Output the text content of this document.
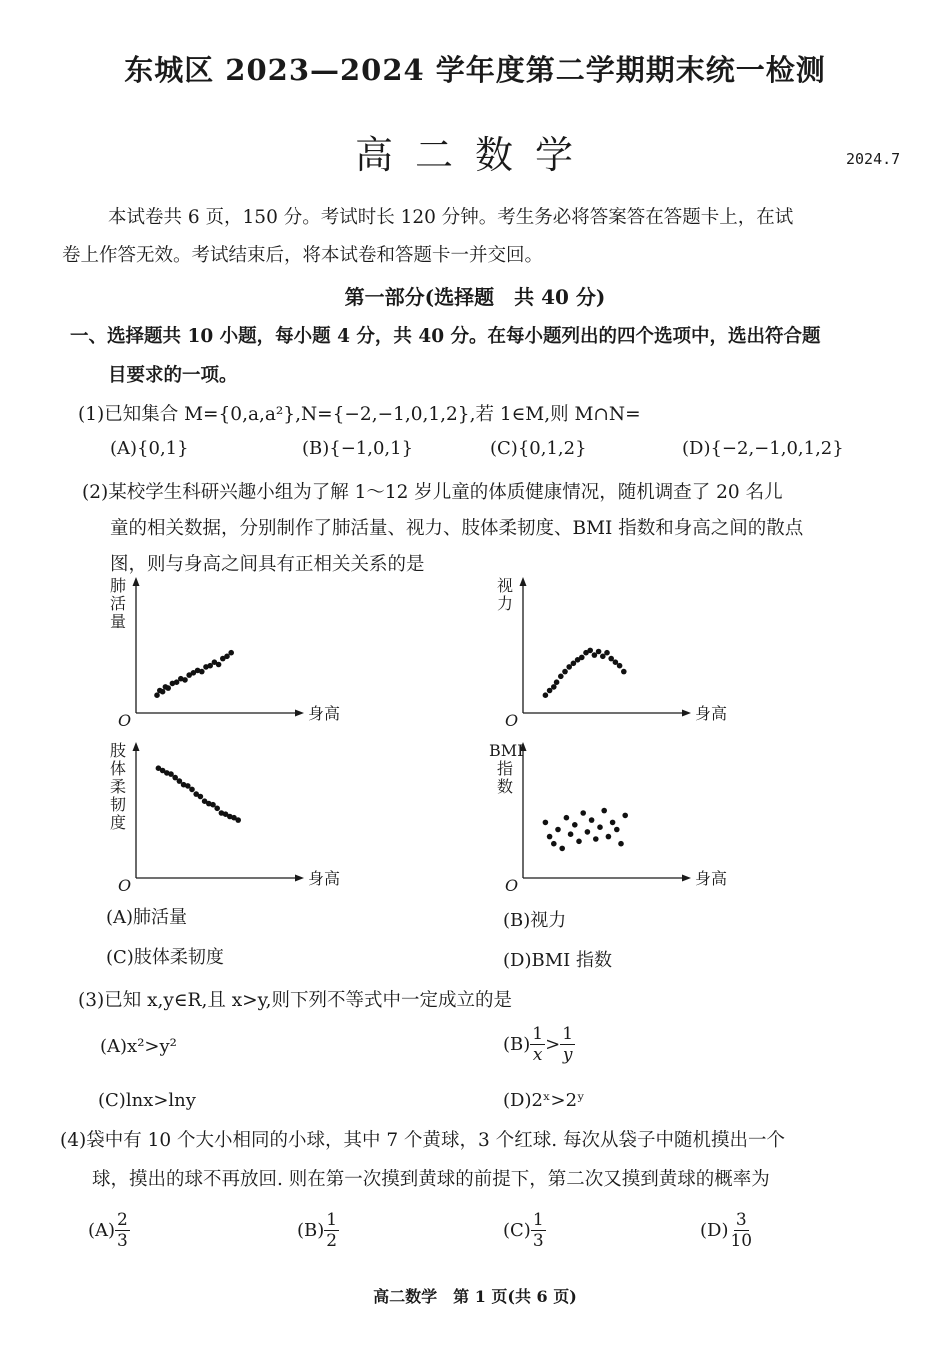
东城区 2023—2024 学年度第二学期期末统一检测
高二数学	2024.7
本试卷共 6 页，150 分。考试时长 120 分钟。考生务必将答案答在答题卡上，在试
卷上作答无效。考试结束后，将本试卷和答题卡一并交回。
第一部分(选择题　共 40 分)
一、选择题共 10 小题，每小题 4 分，共 40 分。在每小题列出的四个选项中，选出符合题
目要求的一项。
(1)已知集合 M={0,a,a²},N={−2,−1,0,1,2},若 1∈M,则 M∩N=
(A){0,1}	(B){−1,0,1}	(C){0,1,2}	(D){−2,−1,0,1,2}
(2)某校学生科研兴趣小组为了解 1～12 岁儿童的体质健康情况，随机调查了 20 名儿
童的相关数据，分别制作了肺活量、视力、肢体柔韧度、BMI 指数和身高之间的散点
图，则与身高之间具有正相关关系的是
O	身高
肺活量
O	身高
视力
O	身高
肢体柔韧度
O	身高
BMI 指数
(A)肺活量	(B)视力
(C)肢体柔韧度	(D)BMI 指数
(3)已知 x,y∈R,且 x>y,则下列不等式中一定成立的是
(A)x²>y²	$(B) \frac{1}{x} > \frac{1}{y}$
(C)lnx>lny	(D)2ˣ>2ʸ
(4)袋中有 10 个大小相同的小球，其中 7 个黄球，3 个红球. 每次从袋子中随机摸出一个
球，摸出的球不再放回. 则在第一次摸到黄球的前提下，第二次又摸到黄球的概率为
$(A) \frac{2}{3}$	$(B) \frac{1}{2}$	$(C) \frac{1}{3}$	$(D) \frac{3}{10}$
高二数学　第 1 页(共 6 页)
